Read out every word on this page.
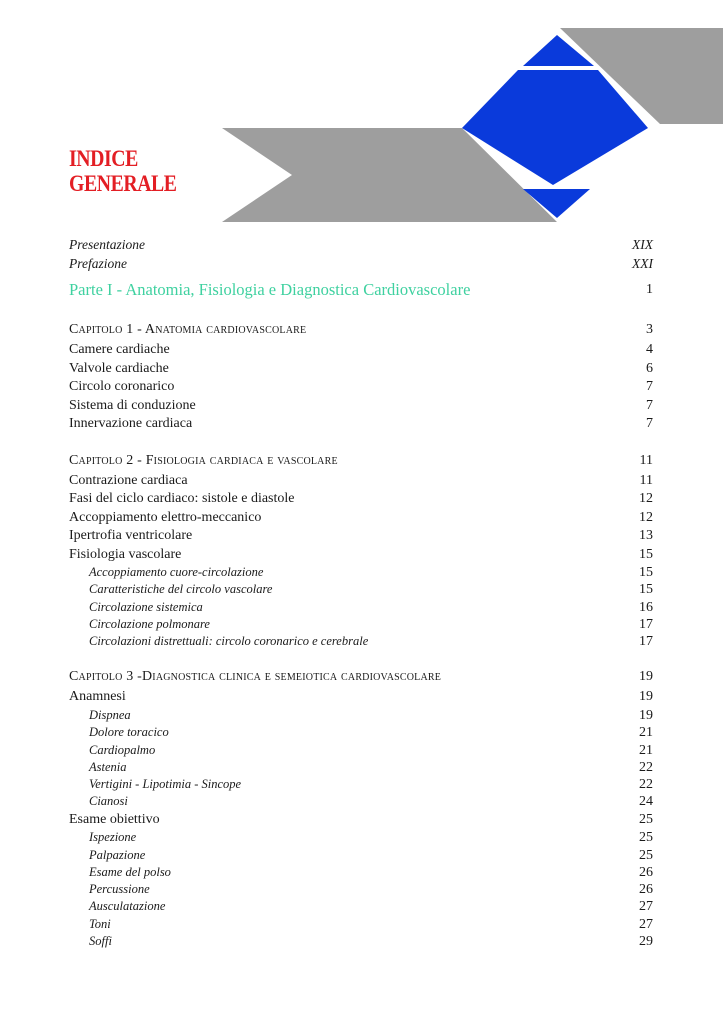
INDICE
GENERALE
Presentazione	XIX
Prefazione	XXI
Parte I - Anatomia, Fisiologia e Diagnostica Cardiovascolare	1
Capitolo 1 - Anatomia cardiovascolare	3
Camere cardiache	4
Valvole cardiache	6
Circolo coronarico	7
Sistema di conduzione	7
Innervazione cardiaca	7
Capitolo 2 - Fisiologia cardiaca e vascolare	11
Contrazione cardiaca	11
Fasi del ciclo cardiaco: sistole e diastole	12
Accoppiamento elettro-meccanico	12
Ipertrofia ventricolare	13
Fisiologia vascolare	15
Accoppiamento cuore-circolazione	15
Caratteristiche del circolo vascolare	15
Circolazione sistemica	16
Circolazione polmonare	17
Circolazioni distrettuali: circolo coronarico e cerebrale	17
Capitolo 3 -Diagnostica clinica e semeiotica cardiovascolare	19
Anamnesi	19
Dispnea	19
Dolore toracico	21
Cardiopalmo	21
Astenia	22
Vertigini - Lipotimia - Sincope	22
Cianosi	24
Esame obiettivo	25
Ispezione	25
Palpazione	25
Esame del polso	26
Percussione	26
Ausculatazione	27
Toni	27
Soffi	29
